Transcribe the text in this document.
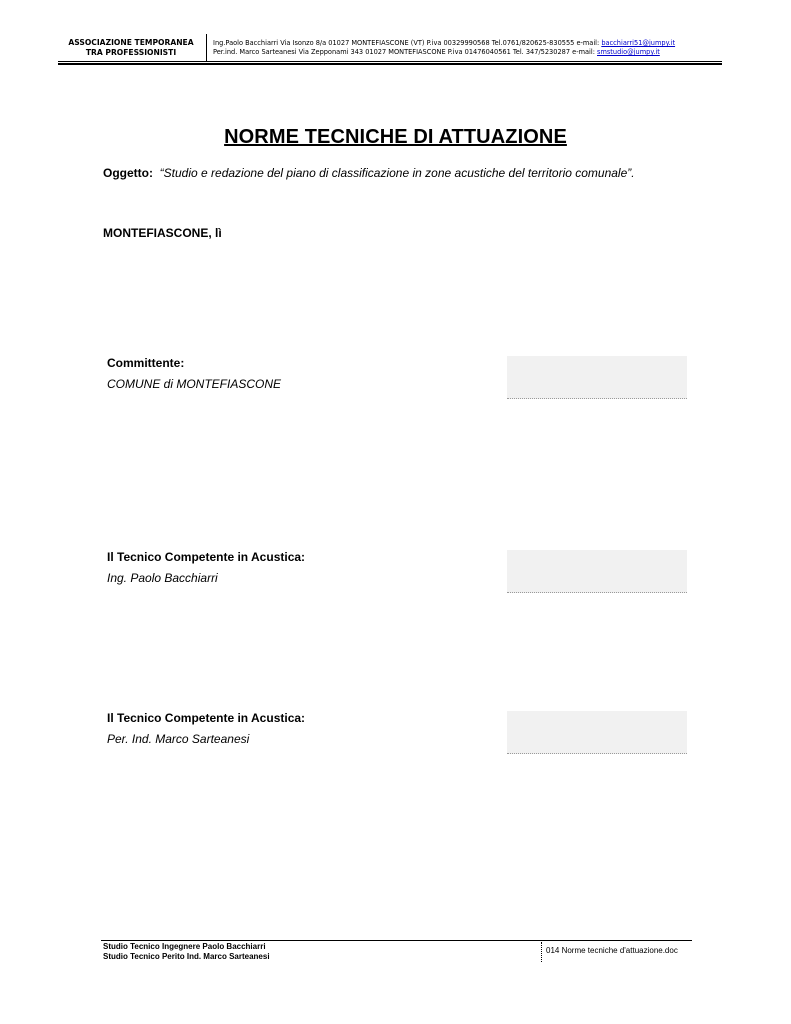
ASSOCIAZIONE TEMPORANEA
TRA PROFESSIONISTI
Ing.Paolo Bacchiarri Via Isonzo 8/a 01027 MONTEFIASCONE (VT) P.iva 00329990568 Tel.0761/820625-830555 e-mail: bacchiarri51@jumpy.it
Per.ind. Marco Sarteanesi Via Zepponami 343 01027 MONTEFIASCONE P.iva 01476040561 Tel. 347/5230287 e-mail: smstudio@jumpy.it
NORME TECNICHE DI ATTUAZIONE
Oggetto: “Studio e redazione del piano di classificazione in zone acustiche del territorio comunale”.
MONTEFIASCONE, lì
Committente:
COMUNE di MONTEFIASCONE
Il Tecnico Competente in Acustica:
Ing. Paolo Bacchiarri
Il Tecnico Competente in Acustica:
Per. Ind. Marco Sarteanesi
Studio Tecnico Ingegnere Paolo Bacchiarri
Studio Tecnico Perito Ind. Marco Sarteanesi
014 Norme tecniche d'attuazione.doc
